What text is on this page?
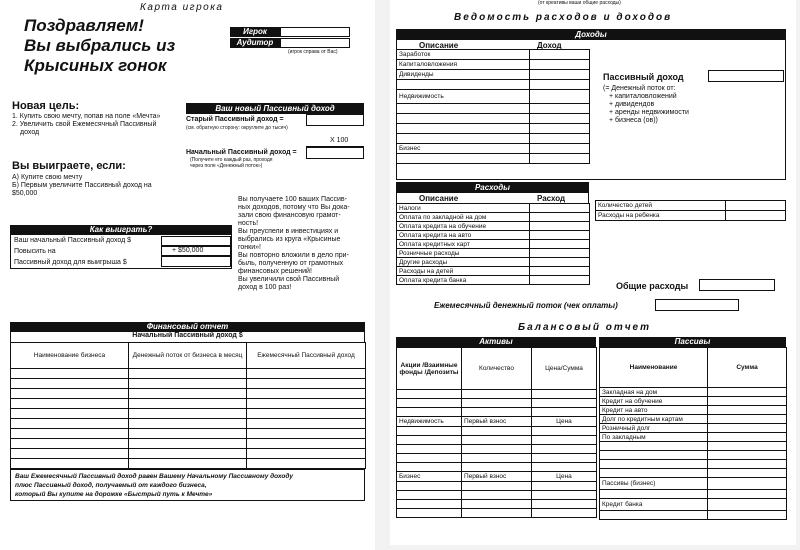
Карта игрока
Поздравляем!
Вы выбрались из
Крысиных гонок
Игрок
Аудитор
(игрок справа от Вас)
Новая цель:
1. Купить свою мечту, попав на поле «Мечта»
2. Увеличить свой Ежемесячный Пассивный
доход
Вы выиграете, если:
А) Купите свою мечту
Б) Первым увеличите Пассивный доход на
$50,000
Ваш новый Пассивный доход
Старый Пассивный доход =
(см. обратную сторону: округлите до тысяч)
X 100
Начальный Пассивный доход =
(Получите его каждый раз, проходя
через поле «Денежный поток»)
Вы получаете 100 ваших Пассив-
ных доходов, потому что Вы дока-
зали свою финансовую грамот-
ность!
Вы преуспели в инвестициях и
выбрались из круга «Крысиные
гонки»!
Вы повторно вложили в дело при-
быль, полученную от грамотных
финансовых решений!
Вы увеличили свой Пассивный
доход в 100 раз!
Как выиграть?
Ваш начальный Пассивный доход $
Повысить на	+ $50,000
Пассивный доход для выигрыша $
Финансовый отчет
Начальный Пассивный доход $
Наименование бизнеса	Денежный поток от бизнеса в месяц	Ежемесячный Пассивный доход

Ваш Ежемесячный Пассивный доход равен Вашему Начальному Пассивному доходу
плюс Пассивный доход, получаемый от каждого бизнеса,
который Вы купите на дорожке «Быстрый путь к Мечте»
(от креативы ваши общие расходы)
Ведомость расходов и доходов
Доходы
Описание	Доход
Заработок	
Капиталовложения	
Дивиденды	

Недвижимость	

Бизнес	

Пассивный доход
(= Денежный поток от:
+ капиталовложений
+ дивидендов
+ аренды недвижимости
+ бизнеса (ов))
Расходы
Описание	Расход
Налоги	
Оплата по закладной на дом	
Оплата кредита на обучение	
Оплата кредита на авто	
Оплата кредитных карт	
Розничные расходы	
Другие расходы	
Расходы на детей	
Оплата кредита банка	
Количество детей	
Расходы на ребенка	
Общие расходы
Ежемесячный денежный поток (чек оплаты)
Балансовый отчет
Активы
Акции /Взаимные фонды /Депозиты	Количество	Цена/Сумма

Недвижимость	Первый взнос	Цена

Бизнес	Первый взнос	Цена

Пассивы
Наименование	Сумма
Закладная на дом	
Кредит на обучение	
Кредит на авто	
Долг по кредитным картам	
Розничный долг	
По закладным	

Пассивы (бизнес)	

Кредит банка	
